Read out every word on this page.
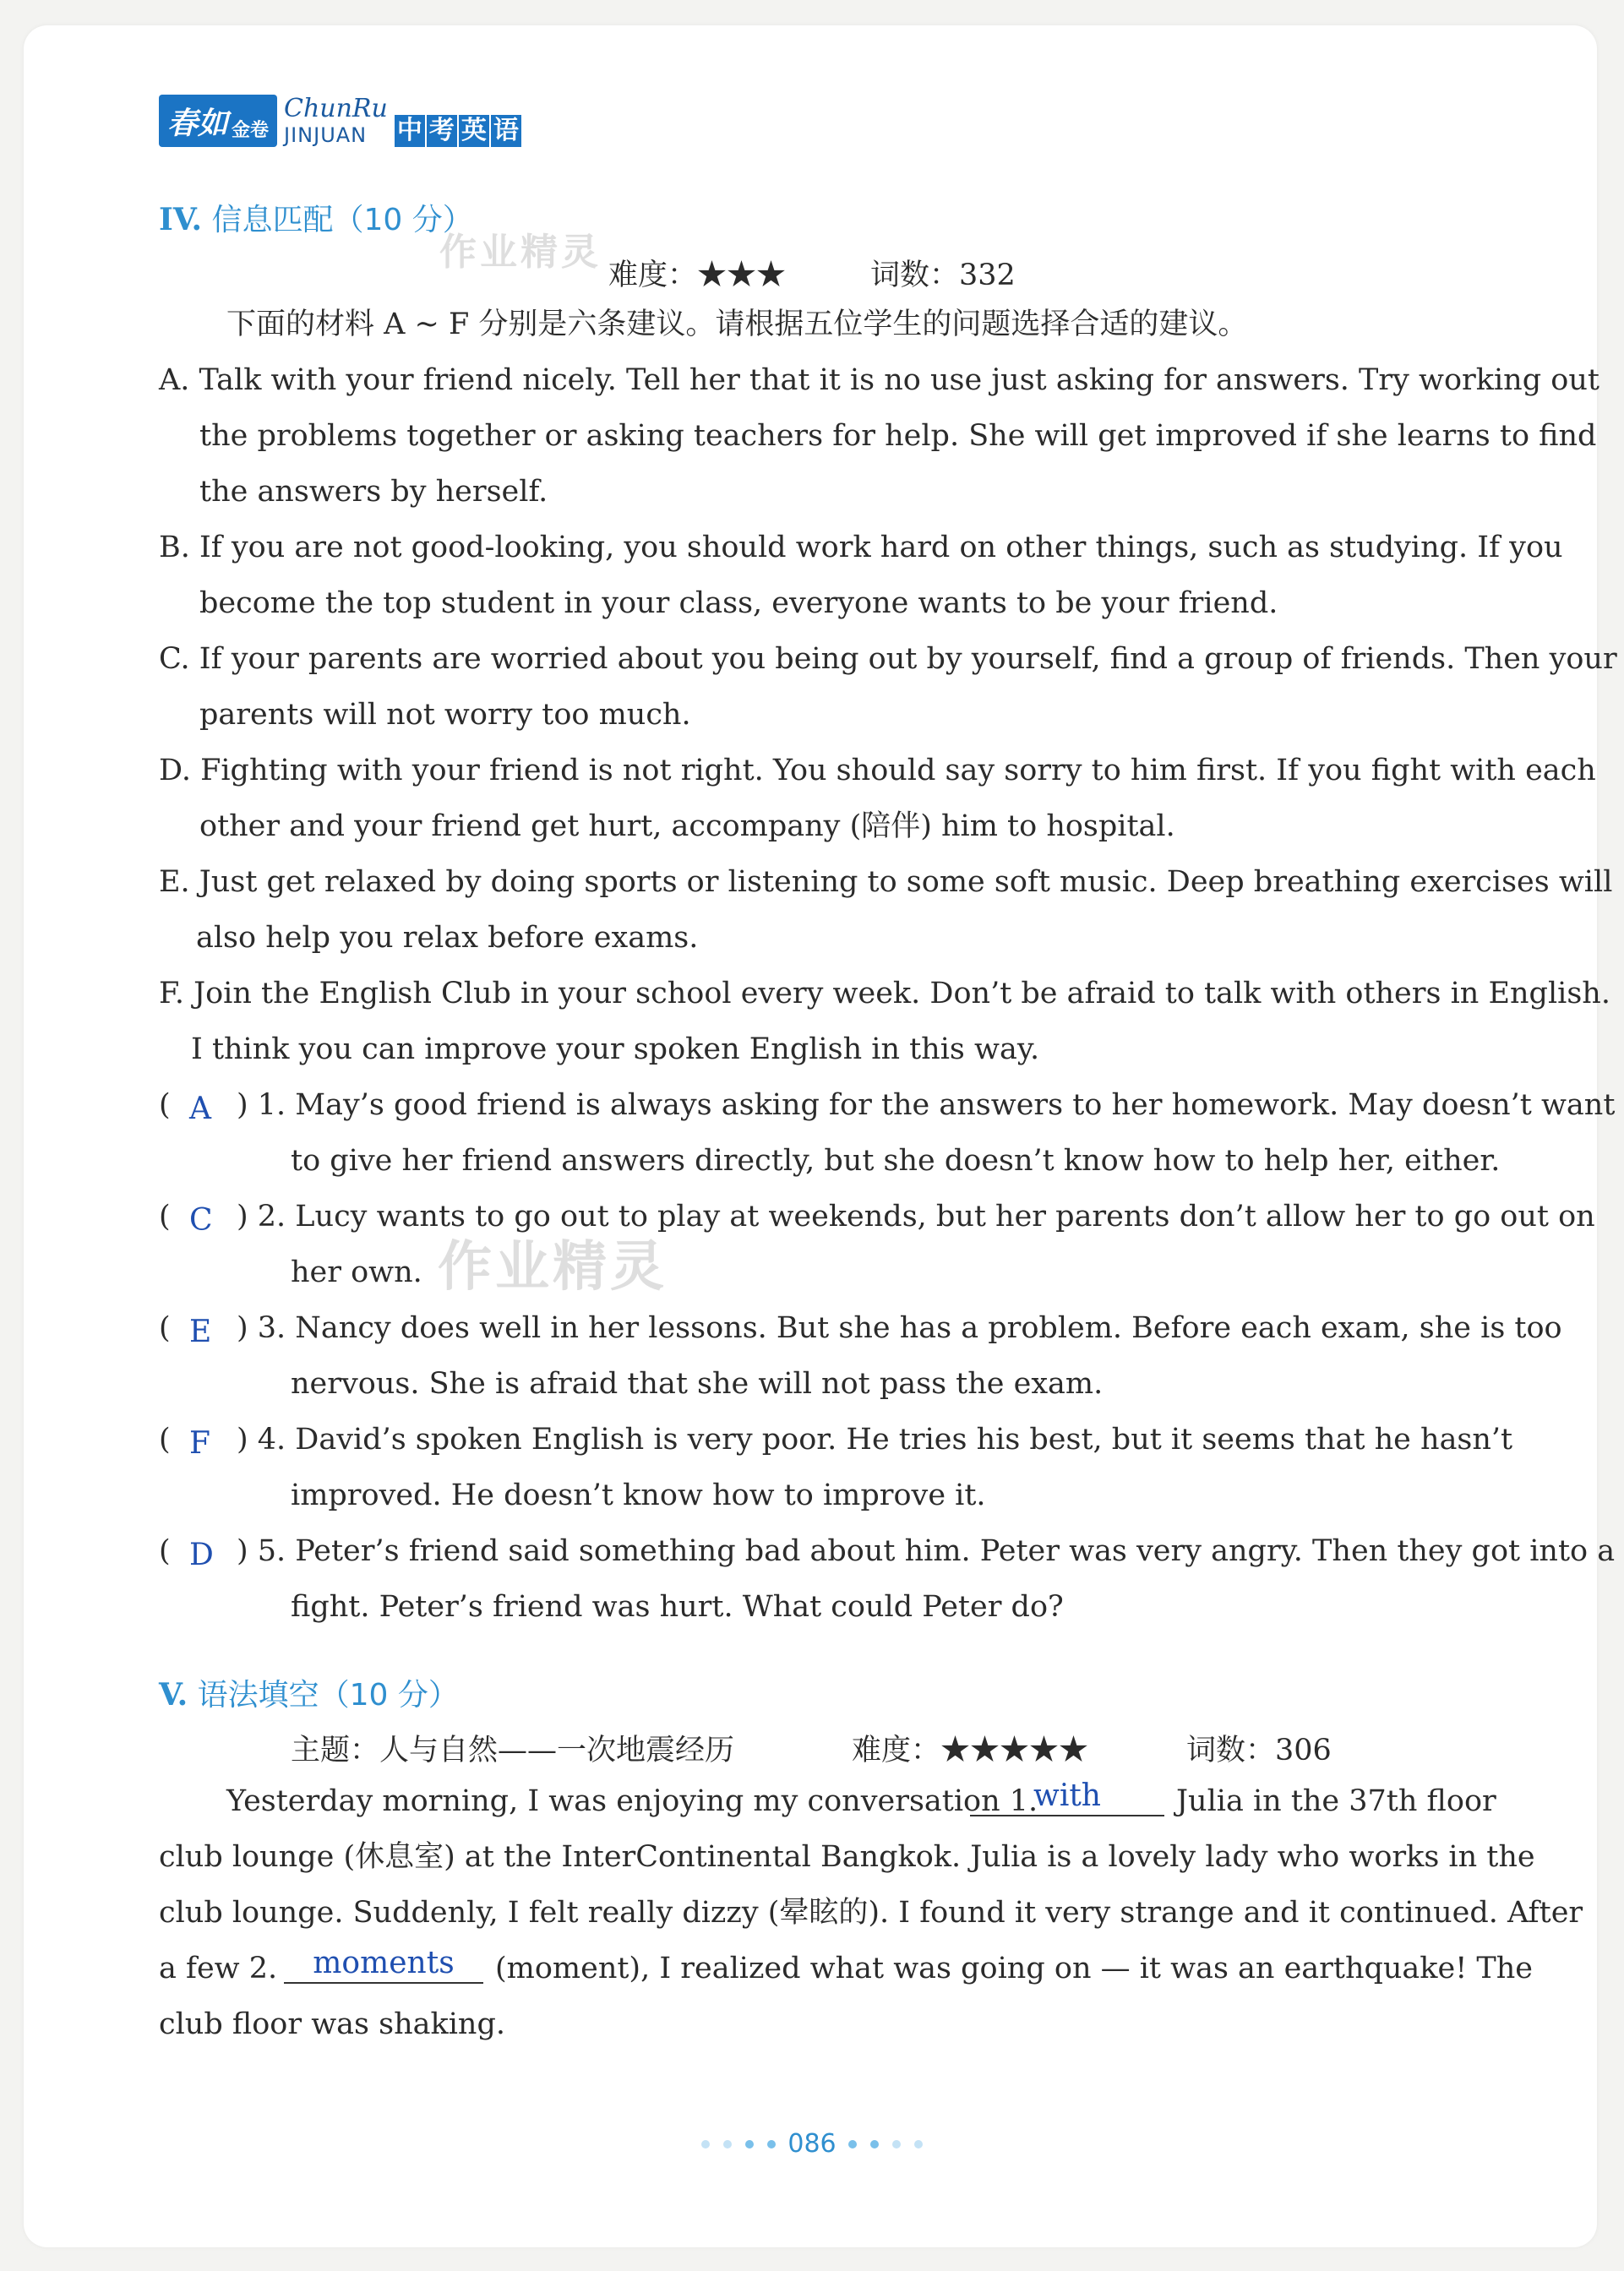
春如 金卷
ChunRu
JINJUAN	中 考 英 语
IV. 信息匹配（10 分）
作业精灵
难度：★★★	词数：332
下面的材料 A ~ F 分别是六条建议。请根据五位学生的问题选择合适的建议。
A. Talk with your friend nicely. Tell her that it is no use just asking for answers. Try working out
the problems together or asking teachers for help. She will get improved if she learns to find
the answers by herself.
B. If you are not good-looking, you should work hard on other things, such as studying. If you
become the top student in your class, everyone wants to be your friend.
C. If your parents are worried about you being out by yourself, find a group of friends. Then your
parents will not worry too much.
D. Fighting with your friend is not right. You should say sorry to him first. If you fight with each
other and your friend get hurt, accompany (陪伴) him to hospital.
E. Just get relaxed by doing sports or listening to some soft music. Deep breathing exercises will
also help you relax before exams.
F. Join the English Club in your school every week. Don’t be afraid to talk with others in English.
I think you can improve your spoken English in this way.
( A ) 1. May’s good friend is always asking for the answers to her homework. May doesn’t want
to give her friend answers directly, but she doesn’t know how to help her, either.
( C ) 2. Lucy wants to go out to play at weekends, but her parents don’t allow her to go out on
her own. 作业精灵
( E ) 3. Nancy does well in her lessons. But she has a problem. Before each exam, she is too
nervous. She is afraid that she will not pass the exam.
( F ) 4. David’s spoken English is very poor. He tries his best, but it seems that he hasn’t
improved. He doesn’t know how to improve it.
( D ) 5. Peter’s friend said something bad about him. Peter was very angry. Then they got into a
fight. Peter’s friend was hurt. What could Peter do?
V. 语法填空（10 分）
主题：人与自然——一次地震经历	难度：★★★★★	词数：306
Yesterday morning, I was enjoying my conversation 1.
with	Julia in the 37th floor
club lounge (休息室) at the InterContinental Bangkok. Julia is a lovely lady who works in the
club lounge. Suddenly, I felt really dizzy (晕眩的). I found it very strange and it continued. After
a few 2.	moments	(moment), I realized what was going on — it was an earthquake! The
club floor was shaking.
086
